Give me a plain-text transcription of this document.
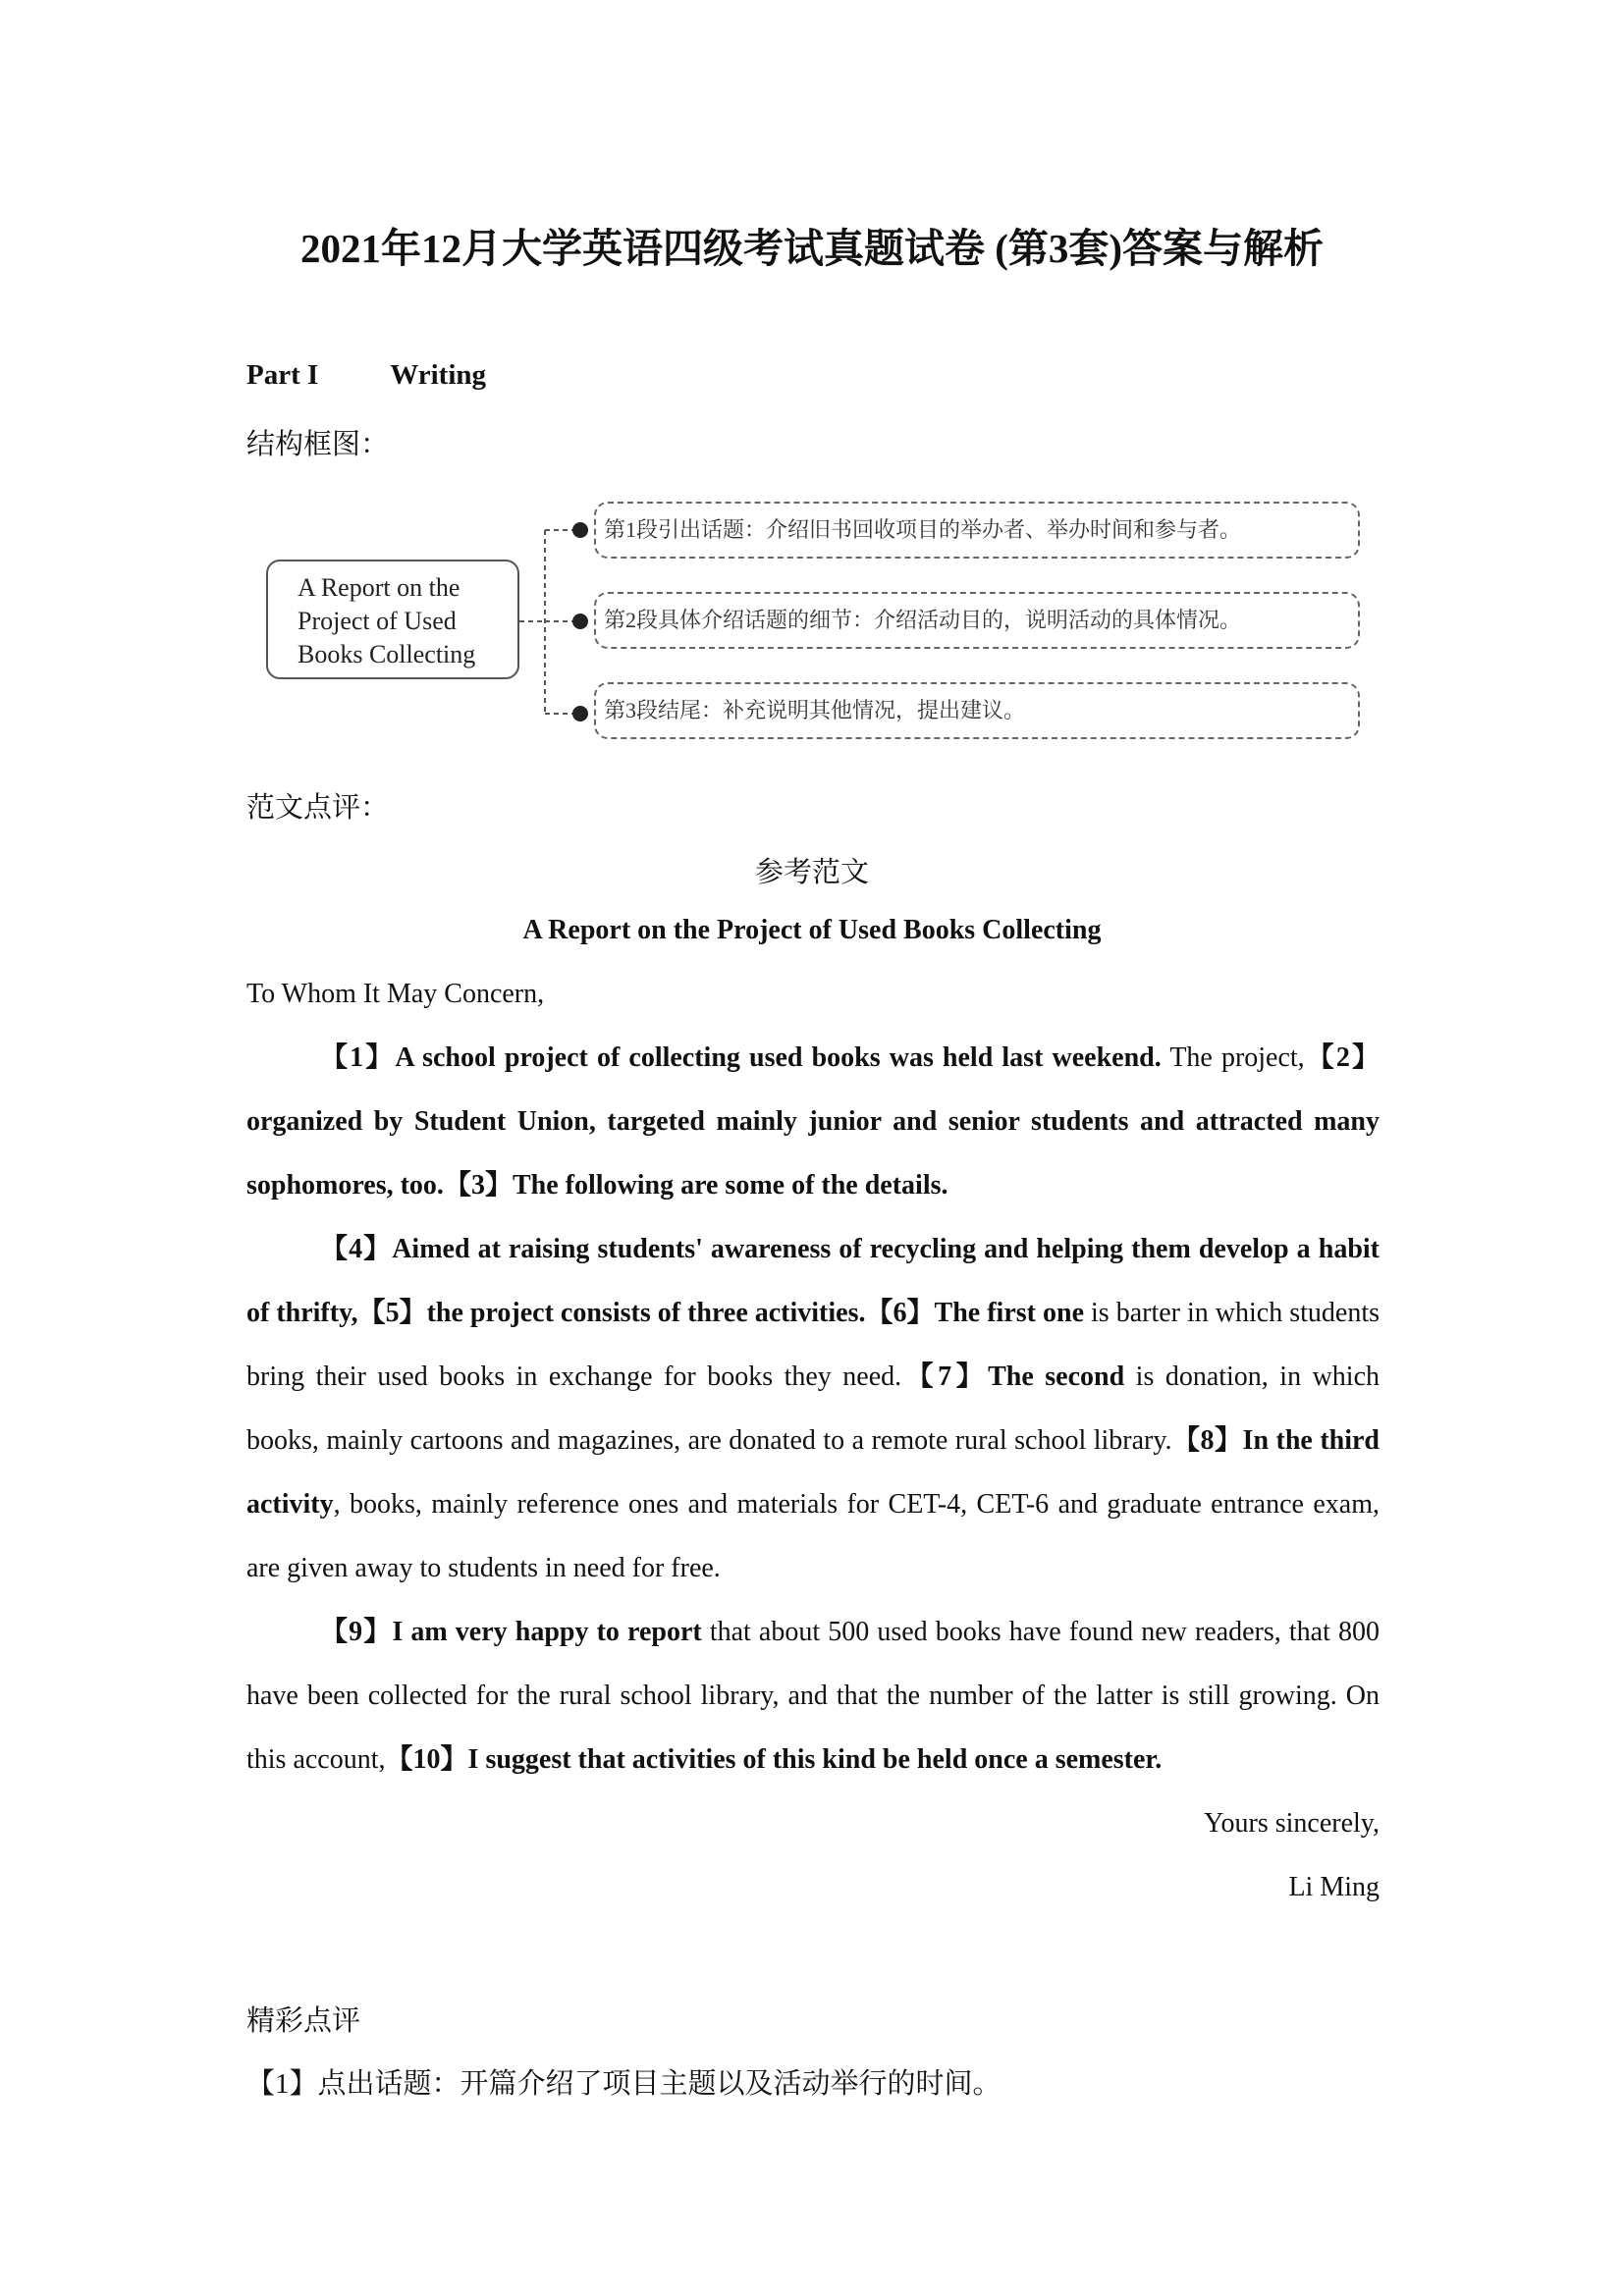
2021年12月大学英语四级考试真题试卷 (第3套)答案与解析
Part I	Writing
结构框图：
A Report on the Project of Used Books Collecting
第1段引出话题：介绍旧书回收项目的举办者、举办时间和参与者。
第2段具体介绍话题的细节：介绍活动目的，说明活动的具体情况。
第3段结尾：补充说明其他情况，提出建议。
范文点评：
参考范文
A Report on the Project of Used Books Collecting

To Whom It May Concern,

【1】A school project of collecting used books was held last weekend. The project,【2】organized by Student Union, targeted mainly junior and senior students and attracted many sophomores, too.【3】The following are some of the details.

【4】Aimed at raising students' awareness of recycling and helping them develop a habit of thrifty,【5】the project consists of three activities.【6】The first one is barter in which students bring their used books in exchange for books they need.【7】The second is donation, in which books, mainly cartoons and magazines, are donated to a remote rural school library.【8】In the third activity, books, mainly reference ones and materials for CET-4, CET-6 and graduate entrance exam, are given away to students in need for free.

【9】I am very happy to report that about 500 used books have found new readers, that 800 have been collected for the rural school library, and that the number of the latter is still growing. On this account,【10】I suggest that activities of this kind be held once a semester.

Yours sincerely,

Li Ming

精彩点评
【1】点出话题：开篇介绍了项目主题以及活动举行的时间。
